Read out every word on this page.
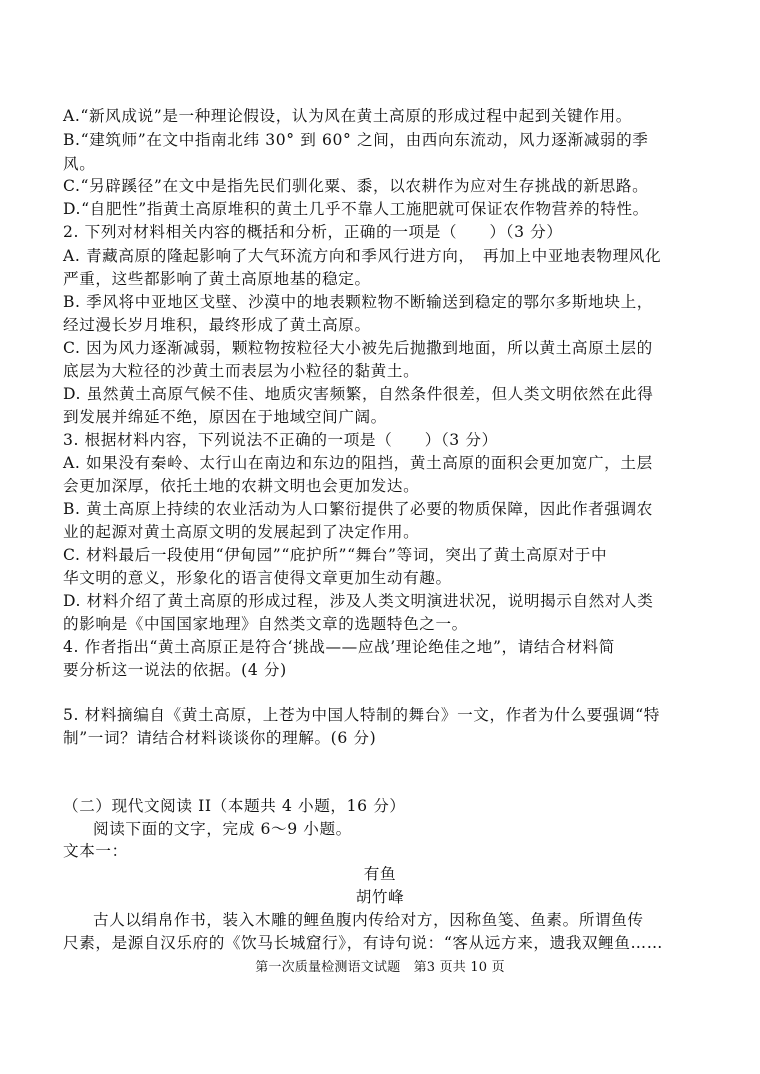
A.“新风成说”是一种理论假设，认为风在黄土高原的形成过程中起到关键作用。
B.“建筑师”在文中指南北纬 30° 到 60° 之间，由西向东流动，风力逐渐减弱的季
风。
C.“另辟蹊径”在文中是指先民们驯化粟、黍，以农耕作为应对生存挑战的新思路。
D.“自肥性”指黄土高原堆积的黄土几乎不靠人工施肥就可保证农作物营养的特性。
2. 下列对材料相关内容的概括和分析，正确的一项是（　　）（3 分）
A. 青藏高原的隆起影响了大气环流方向和季风行进方向，　再加上中亚地表物理风化
严重，这些都影响了黄土高原地基的稳定。
B. 季风将中亚地区戈壁、沙漠中的地表颗粒物不断输送到稳定的鄂尔多斯地块上，
经过漫长岁月堆积，最终形成了黄土高原。
C. 因为风力逐渐减弱，颗粒物按粒径大小被先后抛撒到地面，所以黄土高原土层的
底层为大粒径的沙黄土而表层为小粒径的黏黄土。
D. 虽然黄土高原气候不佳、地质灾害频繁，自然条件很差，但人类文明依然在此得
到发展并绵延不绝，原因在于地域空间广阔。
3. 根据材料内容，下列说法不正确的一项是（　　）（3 分）
A. 如果没有秦岭、太行山在南边和东边的阻挡，黄土高原的面积会更加宽广，土层
会更加深厚，依托土地的农耕文明也会更加发达。
B. 黄土高原上持续的农业活动为人口繁衍提供了必要的物质保障，因此作者强调农
业的起源对黄土高原文明的发展起到了决定作用。
C. 材料最后一段使用“伊甸园”“庇护所”“舞台”等词，突出了黄土高原对于中
华文明的意义，形象化的语言使得文章更加生动有趣。
D. 材料介绍了黄土高原的形成过程，涉及人类文明演进状况，说明揭示自然对人类
的影响是《中国国家地理》自然类文章的选题特色之一。
4. 作者指出“黄土高原正是符合‘挑战——应战’理论绝佳之地”，请结合材料简
要分析这一说法的依据。(4 分)
5. 材料摘编自《黄土高原，上苍为中国人特制的舞台》一文，作者为什么要强调“特
制”一词？请结合材料谈谈你的理解。(6 分)
（二）现代文阅读 II（本题共 4 小题，16 分）
阅读下面的文字，完成 6～9 小题。
文本一：
有鱼
胡竹峰
古人以绢帛作书，装入木雕的鲤鱼腹内传给对方，因称鱼笺、鱼素。所谓鱼传
尺素，是源自汉乐府的《饮马长城窟行》，有诗句说：“客从远方来，遗我双鲤鱼……
第一次质量检测语文试题　第3 页共 10 页
